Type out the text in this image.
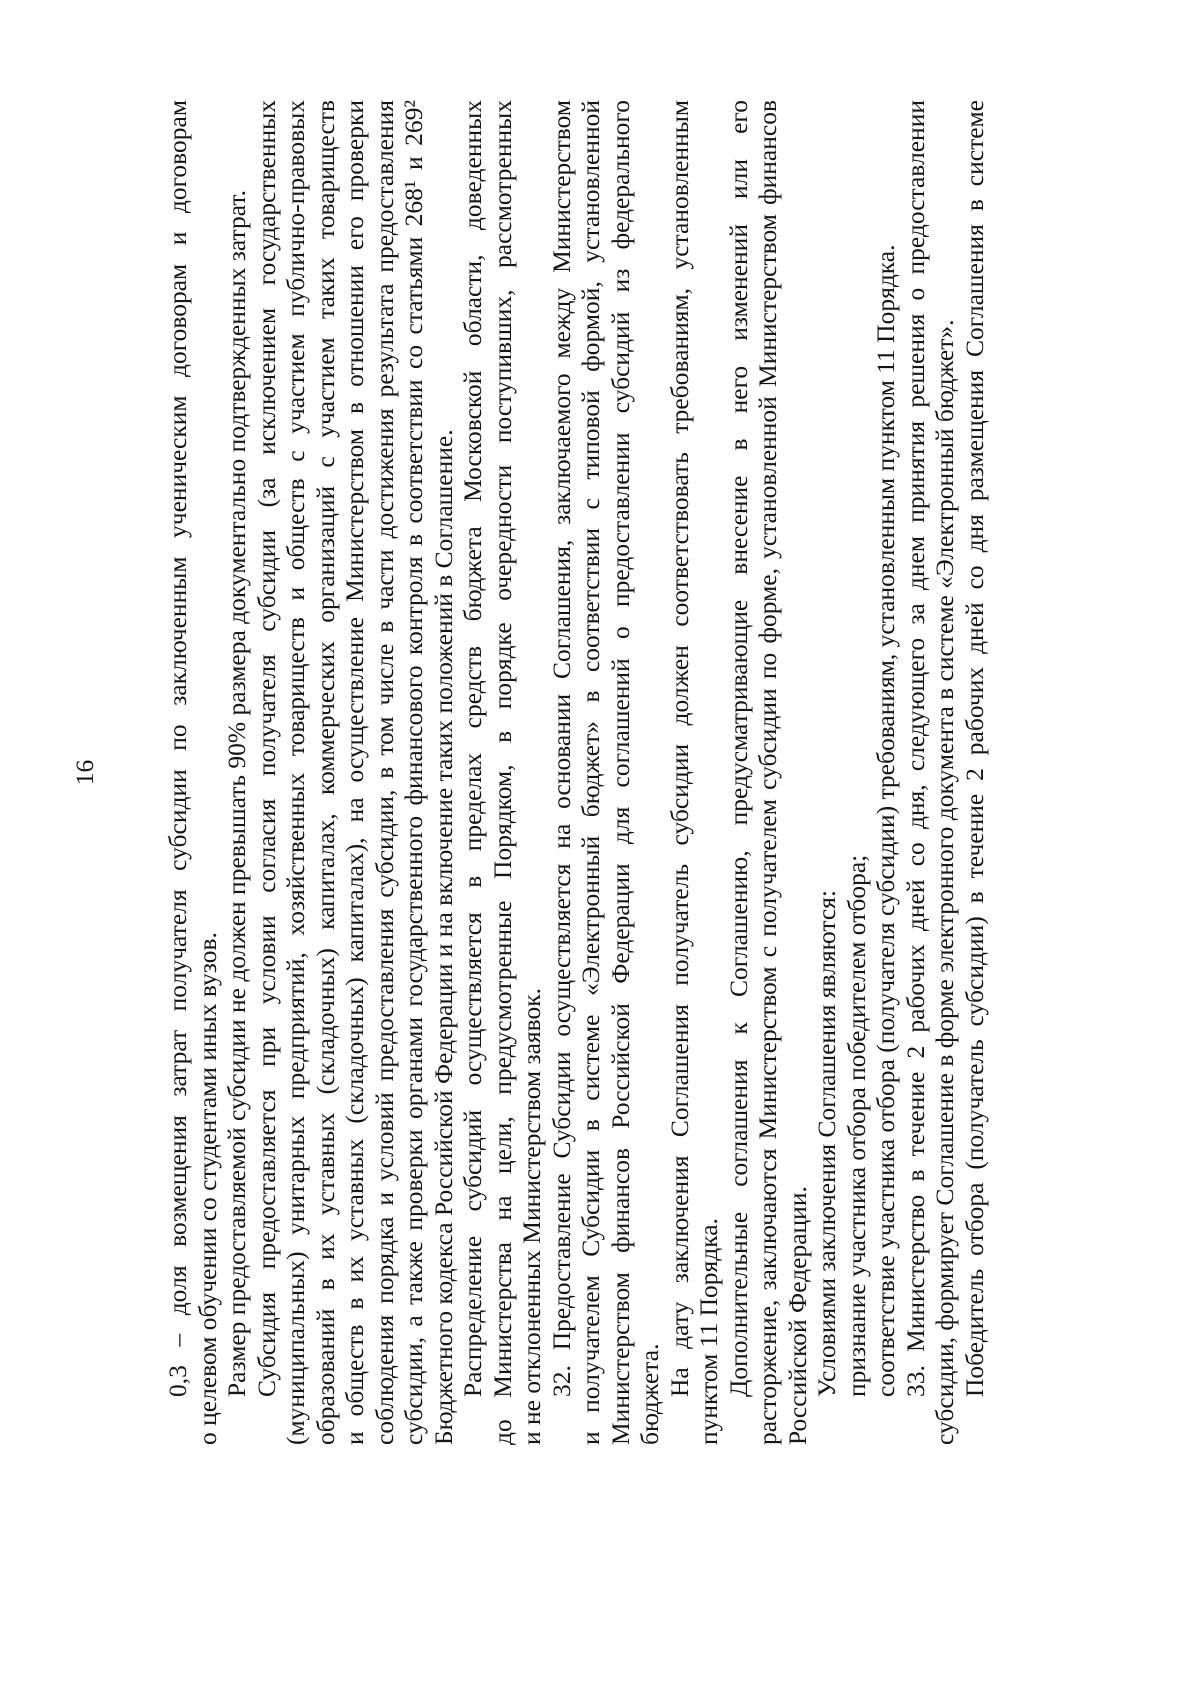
16	0,3 – доля возмещения затрат получателя субсидии по заключенным ученическим договорам и договорам о целевом обучении со студентами иных вузов. Размер предоставляемой субсидии не должен превышать 90% размера документально подтвержденных затрат. Субсидия предоставляется при условии согласия получателя субсидии (за исключением государственных (муниципальных) унитарных предприятий, хозяйственных товариществ и обществ с участием публично-правовых образований в их уставных (складочных) капиталах, коммерческих организаций с участием таких товариществ и обществ в их уставных (складочных) капиталах), на осуществление Министерством в отношении его проверки соблюдения порядка и условий предоставления субсидии, в том числе в части достижения результата предоставления субсидии, а также проверки органами государственного финансового контроля в соответствии со статьями 268¹ и 269² Бюджетного кодекса Российской Федерации и на включение таких положений в Соглашение. Распределение субсидий осуществляется в пределах средств бюджета Московской области, доведенных до Министерства на цели, предусмотренные Порядком, в порядке очередности поступивших, рассмотренных и не отклоненных Министерством заявок. 32. Предоставление Субсидии осуществляется на основании Соглашения, заключаемого между Министерством и получателем Субсидии в системе «Электронный бюджет» в соответствии с типовой формой, установленной Министерством финансов Российской Федерации для соглашений о предоставлении субсидий из федерального бюджета. На дату заключения Соглашения получатель субсидии должен соответствовать требованиям, установленным пунктом 11 Порядка. Дополнительные соглашения к Соглашению, предусматривающие внесение в него изменений или его расторжение, заключаются Министерством с получателем субсидии по форме, установленной Министерством финансов Российской Федерации. Условиями заключения Соглашения являются: признание участника отбора победителем отбора; соответствие участника отбора (получателя субсидии) требованиям, установленным пунктом 11 Порядка. 33. Министерство в течение 2 рабочих дней со дня, следующего за днем принятия решения о предоставлении субсидии, формирует Соглашение в форме электронного документа в системе «Электронный бюджет». Победитель отбора (получатель субсидии) в течение 2 рабочих дней со дня размещения Соглашения в системе
